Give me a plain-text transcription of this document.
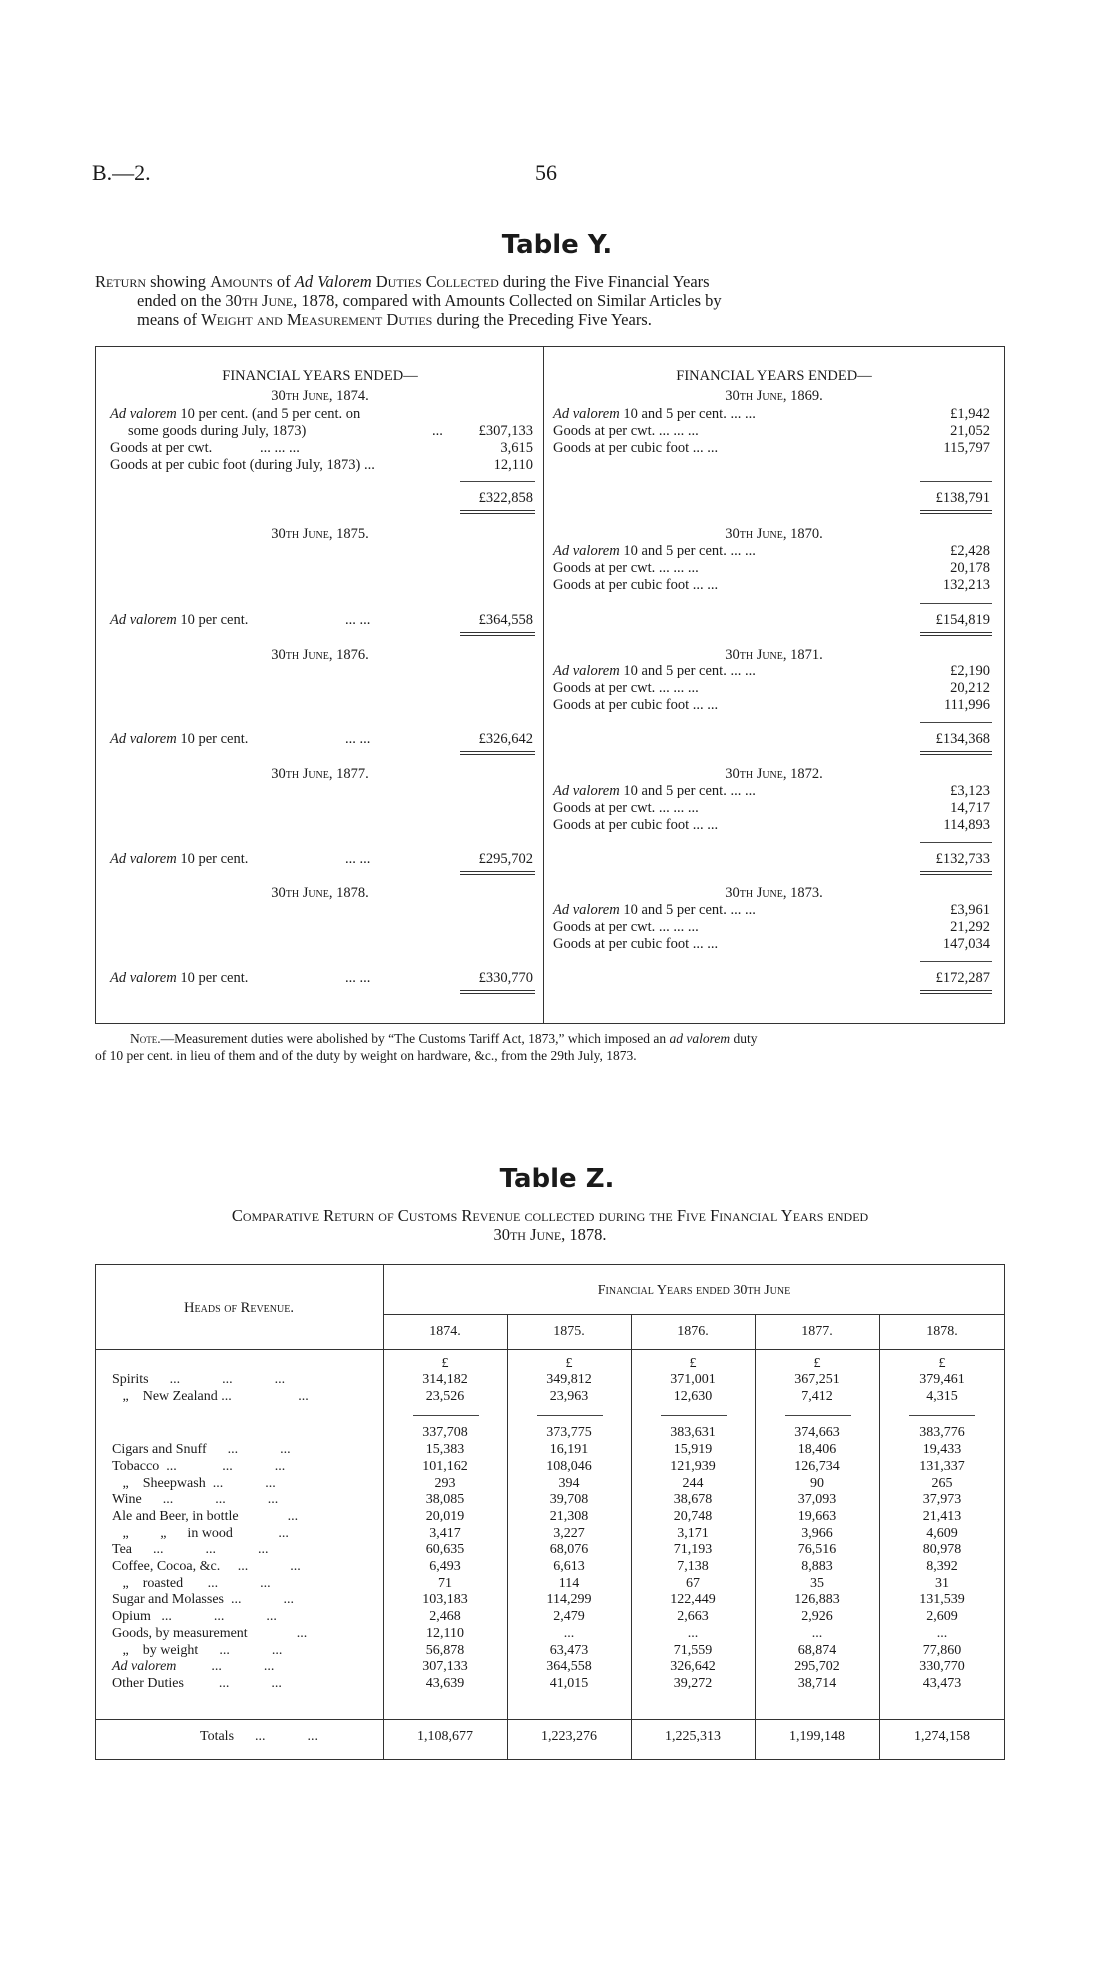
B.—2.	56
Table Y.
Return showing Amounts of Ad Valorem Duties Collected during the Five Financial Years
ended on the 30th June, 1878, compared with Amounts Collected on Similar Articles by
means of Weight and Measurement Duties during the Preceding Five Years.
FINANCIAL YEARS ENDED—	FINANCIAL YEARS ENDED—
30th June, 1874.
Ad valorem 10 per cent. (and 5 per cent. on
some goods during July, 1873)	...	£307,133
Goods at per cwt.	... ... ...	3,615
Goods at per cubic foot (during July, 1873) ...	12,110
£322,858
30th June, 1875.
Ad valorem 10 per cent.	... ...	£364,558
30th June, 1876.
Ad valorem 10 per cent.	... ...	£326,642
30th June, 1877.
Ad valorem 10 per cent.	... ...	£295,702
30th June, 1878.
Ad valorem 10 per cent.	... ...	£330,770
30th June, 1869.
Ad valorem 10 and 5 per cent. ... ...	£1,942
Goods at per cwt. ... ... ...	21,052
Goods at per cubic foot ... ...	115,797
£138,791
30th June, 1870.
Ad valorem 10 and 5 per cent. ... ...	£2,428
Goods at per cwt. ... ... ...	20,178
Goods at per cubic foot ... ...	132,213
£154,819
30th June, 1871.
Ad valorem 10 and 5 per cent. ... ...	£2,190
Goods at per cwt. ... ... ...	20,212
Goods at per cubic foot ... ...	111,996
£134,368
30th June, 1872.
Ad valorem 10 and 5 per cent. ... ...	£3,123
Goods at per cwt. ... ... ...	14,717
Goods at per cubic foot ... ...	114,893
£132,733
30th June, 1873.
Ad valorem 10 and 5 per cent. ... ...	£3,961
Goods at per cwt. ... ... ...	21,292
Goods at per cubic foot ... ...	147,034
£172,287
Note.—Measurement duties were abolished by “The Customs Tariff Act, 1873,” which imposed an ad valorem duty
of 10 per cent. in lieu of them and of the duty by weight on hardware, &c., from the 29th July, 1873.
Table Z.
Comparative Return of Customs Revenue collected during the Five Financial Years ended
30th June, 1878.
Heads of Revenue.
Financial Years ended 30th June
1874.	1875.	1876.	1877.	1878.
£	£	£	£	£
Spirits      ...            ...            ...	314,182	349,812	371,001	367,251	379,461
„    New Zealand ...                   ...	23,526	23,963	12,630	7,412	4,315
337,708	373,775	383,631	374,663	383,776
Cigars and Snuff      ...            ...	15,383	16,191	15,919	18,406	19,433
Tobacco  ...             ...            ...	101,162	108,046	121,939	126,734	131,337
„    Sheepwash  ...            ...	293	394	244	90	265
Wine      ...            ...            ...	38,085	39,708	38,678	37,093	37,973
Ale and Beer, in bottle              ...	20,019	21,308	20,748	19,663	21,413
„         „      in wood             ...	3,417	3,227	3,171	3,966	4,609
Tea      ...            ...            ...	60,635	68,076	71,193	76,516	80,978
Coffee, Cocoa, &c.     ...            ...	6,493	6,613	7,138	8,883	8,392
„    roasted       ...            ...	71	114	67	35	31
Sugar and Molasses  ...            ...	103,183	114,299	122,449	126,883	131,539
Opium   ...            ...            ...	2,468	2,479	2,663	2,926	2,609
Goods, by measurement              ...	12,110	...	...	...	...
„    by weight      ...            ...	56,878	63,473	71,559	68,874	77,860
Ad valorem          ...            ...	307,133	364,558	326,642	295,702	330,770
Other Duties          ...            ...	43,639	41,015	39,272	38,714	43,473
Totals      ...            ...	1,108,677	1,223,276	1,225,313	1,199,148	1,274,158
